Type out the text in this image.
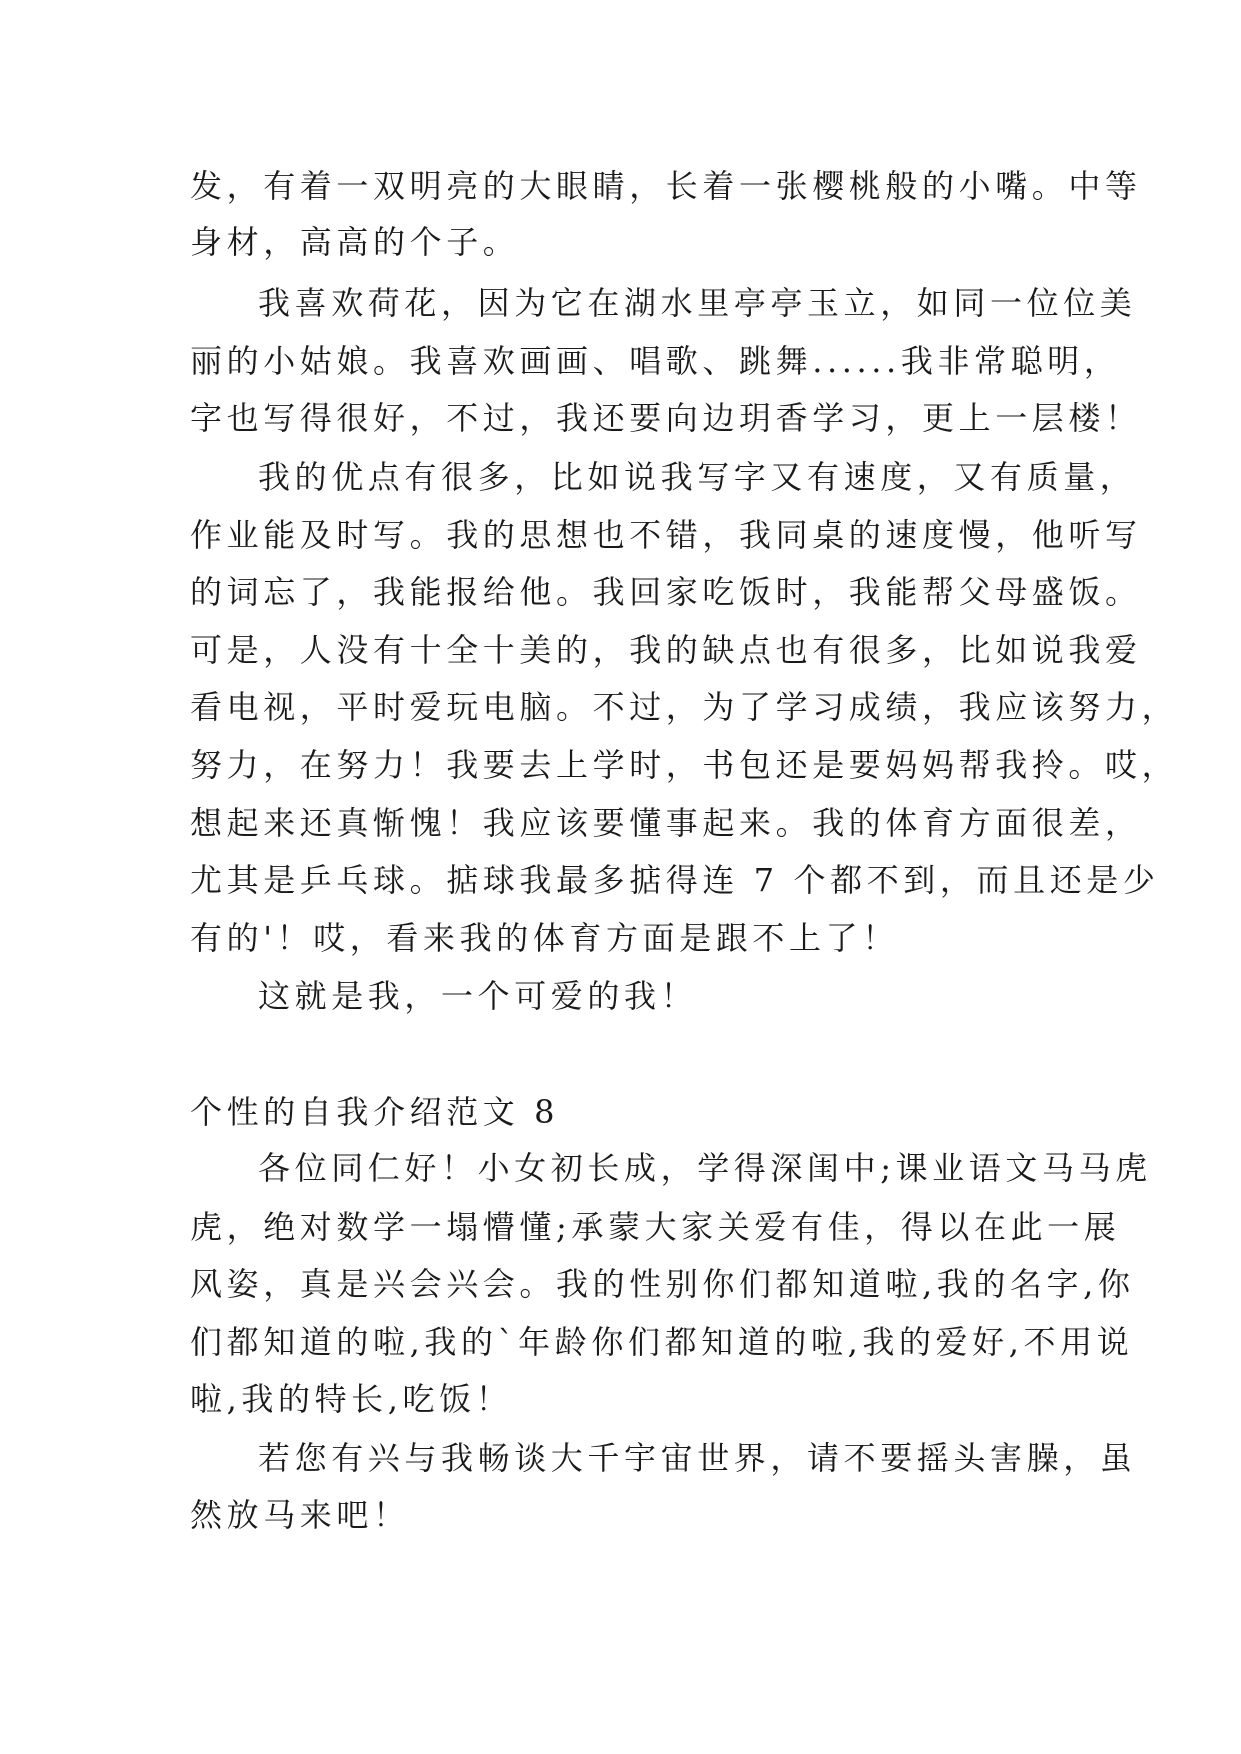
发，有着一双明亮的大眼睛，长着一张樱桃般的小嘴。中等
身材，高高的个子。
我喜欢荷花，因为它在湖水里亭亭玉立，如同一位位美
丽的小姑娘。我喜欢画画、唱歌、跳舞......我非常聪明，
字也写得很好，不过，我还要向边玥香学习，更上一层楼！
我的优点有很多，比如说我写字又有速度，又有质量，
作业能及时写。我的思想也不错，我同桌的速度慢，他听写
的词忘了，我能报给他。我回家吃饭时，我能帮父母盛饭。
可是，人没有十全十美的，我的缺点也有很多，比如说我爱
看电视，平时爱玩电脑。不过，为了学习成绩，我应该努力，
努力，在努力！我要去上学时，书包还是要妈妈帮我拎。哎，
想起来还真惭愧！我应该要懂事起来。我的体育方面很差，
尤其是乒乓球。掂球我最多掂得连 7 个都不到，而且还是少
有的'！哎，看来我的体育方面是跟不上了！
这就是我，一个可爱的我！
个性的自我介绍范文 8
各位同仁好！小女初长成，学得深闺中;课业语文马马虎
虎，绝对数学一塌懵懂;承蒙大家关爱有佳，得以在此一展
风姿，真是兴会兴会。我的性别你们都知道啦,我的名字,你
们都知道的啦,我的`年龄你们都知道的啦,我的爱好,不用说
啦,我的特长,吃饭！
若您有兴与我畅谈大千宇宙世界，请不要摇头害臊，虽
然放马来吧！
